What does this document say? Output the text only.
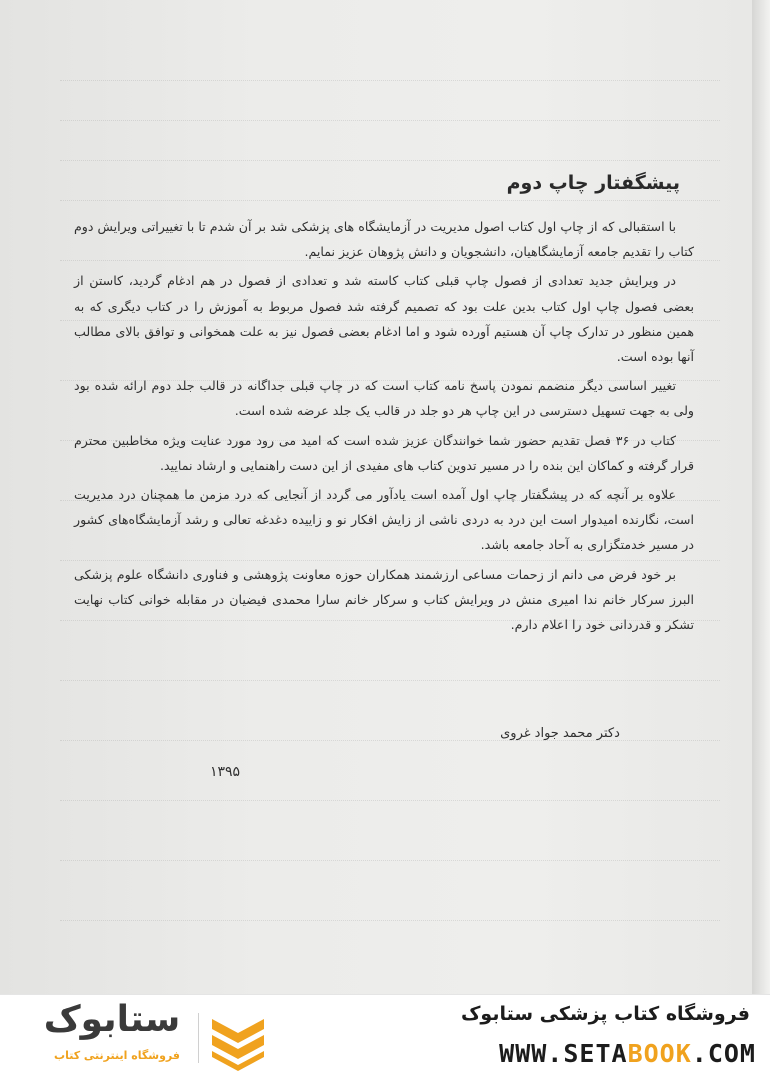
پیشگفتار چاپ دوم

با استقبالی که از چاپ اول کتاب اصول مدیریت در آزمایشگاه های پزشکی شد بر آن شدم تا با تغییراتی ویرایش دوم کتاب را تقدیم جامعه آزمایشگاهیان، دانشجویان و دانش پژوهان عزیز نمایم.

در ویرایش جدید تعدادی از فصول چاپ قبلی کتاب کاسته شد و تعدادی از فصول در هم ادغام گردید، کاستن از بعضی فصول چاپ اول کتاب بدین علت بود که تصمیم گرفته شد فصول مربوط به آموزش را در کتاب دیگری که به همین منظور در تدارک چاپ آن هستیم آورده شود و اما ادغام بعضی فصول نیز به علت همخوانی و توافق بالای مطالب آنها بوده است.

تغییر اساسی دیگر منضمم نمودن پاسخ نامه کتاب است که در چاپ قبلی جداگانه در قالب جلد دوم ارائه شده بود ولی به جهت تسهیل دسترسی در این چاپ هر دو جلد در قالب یک جلد عرضه شده است.

کتاب در ۳۶ فصل تقدیم حضور شما خوانندگان عزیز شده است که امید می رود مورد عنایت ویژه مخاطبین محترم قرار گرفته و کماکان این بنده را در مسیر تدوین کتاب های مفیدی از این دست راهنمایی و ارشاد نمایید.

علاوه بر آنچه که در پیشگفتار چاپ اول آمده است یادآور می گردد از آنجایی که درد مزمن ما همچنان درد مدیریت است، نگارنده امیدوار است این درد به دردی ناشی از زایش افکار نو و زاییده دغدغه تعالی و رشد آزمایشگاه‌های کشور در مسیر خدمتگزاری به آحاد جامعه باشد.

بر خود فرض می دانم از زحمات مساعی ارزشمند همکاران حوزه معاونت پژوهشی و فناوری دانشگاه علوم پزشکی البرز سرکار خانم ندا امیری منش در ویرایش کتاب و سرکار خانم سارا محمدی فیضیان در مقابله خوانی کتاب نهایت تشکر و قدردانی خود را اعلام دارم.

دکتر محمد جواد غروی
۱۳۹۵
ستابوک
فروشگاه اینترنتی کتاب
فروشگاه کتاب پزشکی ستابوک
WWW.SETABOOK.COM
